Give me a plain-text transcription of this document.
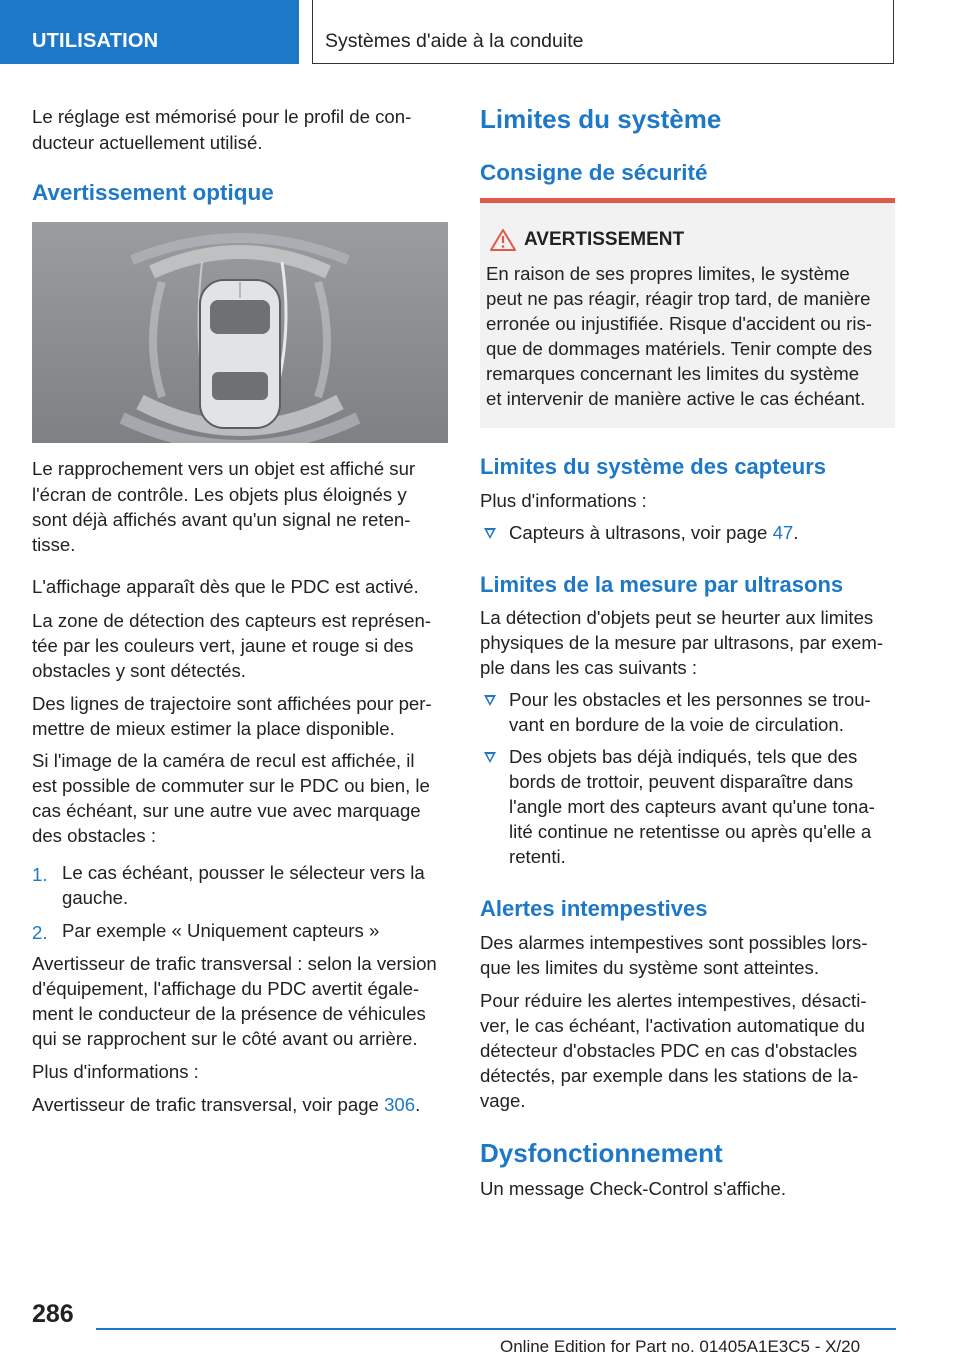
UTILISATION	Systèmes d'aide à la conduite

Le réglage est mémorisé pour le profil de con-

ducteur actuellement utilisé.

Avertissement optique

Le rapprochement vers un objet est affiché sur

l'écran de contrôle. Les objets plus éloignés y

sont déjà affichés avant qu'un signal ne reten-

tisse.

L'affichage apparaît dès que le PDC est activé.

La zone de détection des capteurs est représen-

tée par les couleurs vert, jaune et rouge si des

obstacles y sont détectés.

Des lignes de trajectoire sont affichées pour per-

mettre de mieux estimer la place disponible.

Si l'image de la caméra de recul est affichée, il

est possible de commuter sur le PDC ou bien, le

cas échéant, sur une autre vue avec marquage

des obstacles :

1. Le cas échéant, pousser le sélecteur vers la

gauche.

2. Par exemple « Uniquement capteurs »

Avertisseur de trafic transversal : selon la version

d'équipement, l'affichage du PDC avertit égale-

ment le conducteur de la présence de véhicules

qui se rapprochent sur le côté avant ou arrière.

Plus d'informations :

Avertisseur de trafic transversal, voir page 306.

Limites du système
Consigne de sécurité
AVERTISSEMENT

En raison de ses propres limites, le système

peut ne pas réagir, réagir trop tard, de manière

erronée ou injustifiée. Risque d'accident ou ris-

que de dommages matériels. Tenir compte des

remarques concernant les limites du système

et intervenir de manière active le cas échéant.

Limites du système des capteurs

Plus d'informations :

Capteurs à ultrasons, voir page 47.

Limites de la mesure par ultrasons

La détection d'objets peut se heurter aux limites

physiques de la mesure par ultrasons, par exem-

ple dans les cas suivants :

Pour les obstacles et les personnes se trou-

vant en bordure de la voie de circulation.

Des objets bas déjà indiqués, tels que des

bords de trottoir, peuvent disparaître dans

l'angle mort des capteurs avant qu'une tona-

lité continue ne retentisse ou après qu'elle a

retenti.

Alertes intempestives

Des alarmes intempestives sont possibles lors-

que les limites du système sont atteintes.

Pour réduire les alertes intempestives, désacti-

ver, le cas échéant, l'activation automatique du

détecteur d'obstacles PDC en cas d'obstacles

détectés, par exemple dans les stations de la-

vage.

Dysfonctionnement

Un message Check-Control s'affiche.

286
Online Edition for Part no. 01405A1E3C5 - X/20
